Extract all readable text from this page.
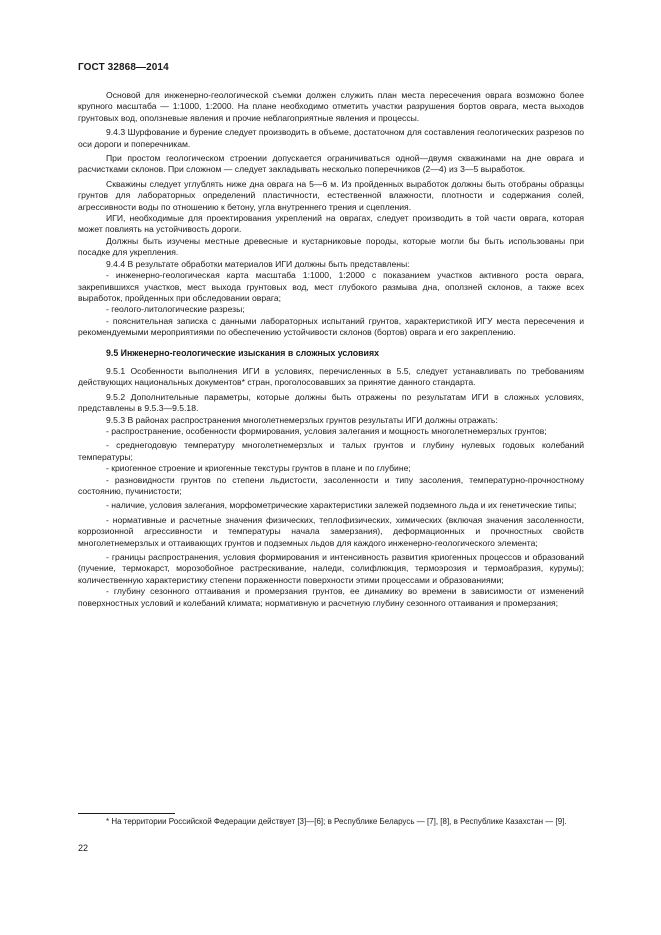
ГОСТ 32868—2014

Основой для инженерно-геологической съемки должен служить план места пересечения оврага возможно более крупного масштаба — 1:1000, 1:2000. На плане необходимо отметить участки разрушения бортов оврага, места выходов грунтовых вод, оползневые явления и прочие неблагоприятные явления и процессы.

9.4.3 Шурфование и бурение следует производить в объеме, достаточном для составления геологических разрезов по оси дороги и поперечникам.

При простом геологическом строении допускается ограничиваться одной—двумя скважинами на дне оврага и расчистками склонов. При сложном — следует закладывать несколько поперечников (2—4) из 3—5 выработок.

Скважины следует углублять ниже дна оврага на 5—6 м. Из пройденных выработок должны быть отобраны образцы грунтов для лабораторных определений пластичности, естественной влажности, плотности и содержания солей, агрессивности воды по отношению к бетону, угла внутреннего трения и сцепления.

ИГИ, необходимые для проектирования укреплений на оврагах, следует производить в той части оврага, которая может повлиять на устойчивость дороги.

Должны быть изучены местные древесные и кустарниковые породы, которые могли бы быть использованы при посадке для укрепления.

9.4.4 В результате обработки материалов ИГИ должны быть представлены:

- инженерно-геологическая карта масштаба 1:1000, 1:2000 с показанием участков активного роста оврага, закрепившихся участков, мест выхода грунтовых вод, мест глубокого размыва дна, оползней склонов, а также всех выработок, пройденных при обследовании оврага;

- геолого-литологические разрезы;

- пояснительная записка с данными лабораторных испытаний грунтов, характеристикой ИГУ места пересечения и рекомендуемыми мероприятиями по обеспечению устойчивости склонов (бортов) оврага и его закреплению.

9.5 Инженерно-геологические изыскания в сложных условиях

9.5.1 Особенности выполнения ИГИ в условиях, перечисленных в 5.5, следует устанавливать по требованиям действующих национальных документов* стран, проголосовавших за принятие данного стандарта.

9.5.2 Дополнительные параметры, которые должны быть отражены по результатам ИГИ в сложных условиях, представлены в 9.5.3—9.5.18.

9.5.3 В районах распространения многолетнемерзлых грунтов результаты ИГИ должны отражать:

- распространение, особенности формирования, условия залегания и мощность многолетнемерзлых грунтов;

- среднегодовую температуру многолетнемерзлых и талых грунтов и глубину нулевых годовых колебаний температуры;

- криогенное строение и криогенные текстуры грунтов в плане и по глубине;

- разновидности грунтов по степени льдистости, засоленности и типу засоления, температурно-прочностному состоянию, пучинистости;

- наличие, условия залегания, морфометрические характеристики залежей подземного льда и их генетические типы;

- нормативные и расчетные значения физических, теплофизических, химических (включая значения засоленности, коррозионной агрессивности и температуры начала замерзания), деформационных и прочностных свойств многолетнемерзлых и оттаивающих грунтов и подземных льдов для каждого инженерно-геологического элемента;

- границы распространения, условия формирования и интенсивность развития криогенных процессов и образований (пучение, термокарст, морозобойное растрескивание, наледи, солифлюкция, термоэрозия и термоабразия, курумы); количественную характеристику степени пораженности поверхности этими процессами и образованиями;

- глубину сезонного оттаивания и промерзания грунтов, ее динамику во времени в зависимости от изменений поверхностных условий и колебаний климата; нормативную и расчетную глубину сезонного оттаивания и промерзания;

* На территории Российской Федерации действует [3]—[6]; в Республике Беларусь — [7], [8], в Республике Казахстан — [9].

22
